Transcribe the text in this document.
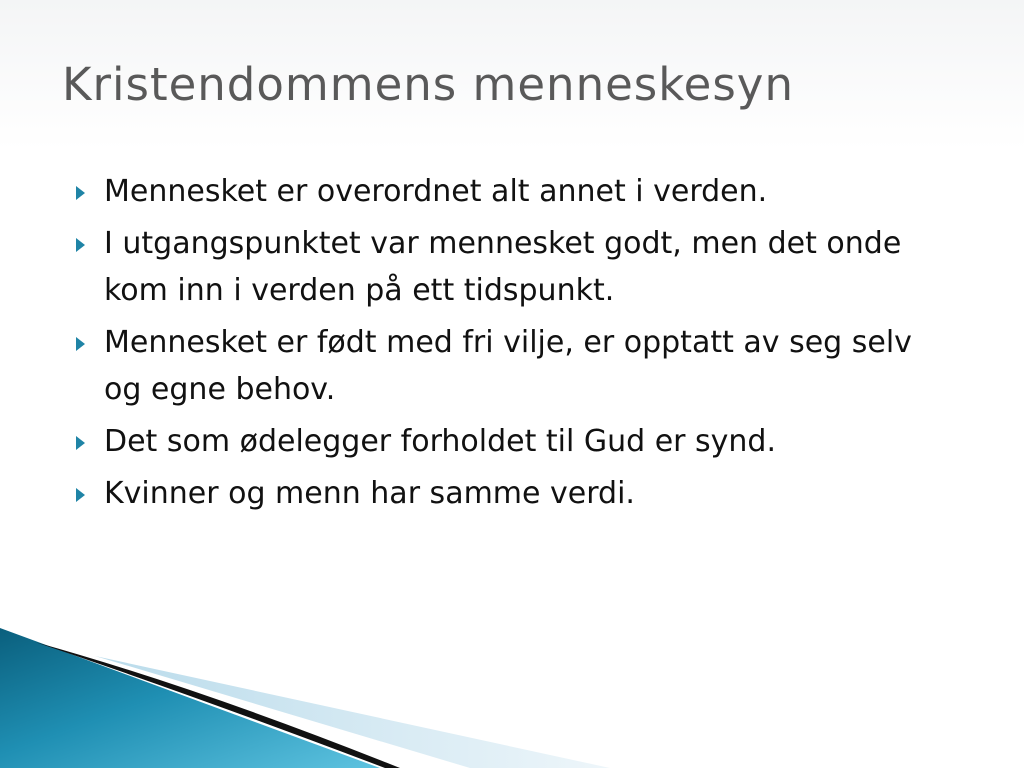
Kristendommens menneskesyn
Mennesket er overordnet alt annet i verden.
I utgangspunktet var mennesket godt, men det onde kom inn i verden på ett tidspunkt.
Mennesket er født med fri vilje, er opptatt av seg selv og egne behov.
Det som ødelegger forholdet til Gud er synd.
Kvinner og menn har samme verdi.
